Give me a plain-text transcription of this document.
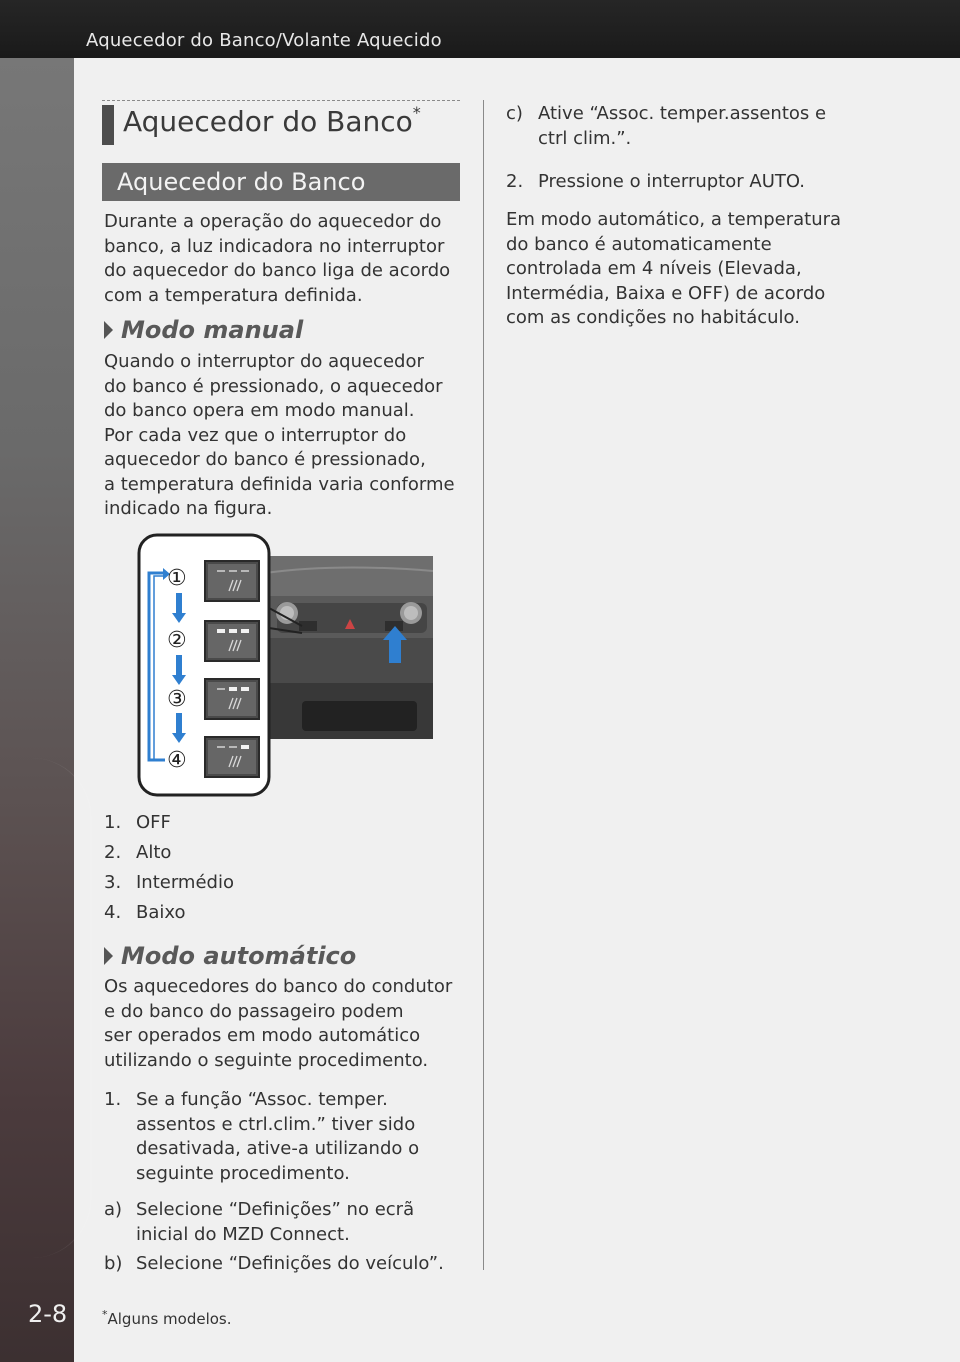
Aquecedor do Banco/Volante Aquecido
2-8
Aquecedor do Banco*
Aquecedor do Banco
Durante a operação do aquecedor do
banco, a luz indicadora no interruptor
do aquecedor do banco liga de acordo
com a temperatura definida.
Modo manual
Quando o interruptor do aquecedor
do banco é pressionado, o aquecedor
do banco opera em modo manual.
Por cada vez que o interruptor do
aquecedor do banco é pressionado,
a temperatura definida varia conforme
indicado na figura.
①
②
③
④
1. OFF
2. Alto
3. Intermédio
4. Baixo
Modo automático
Os aquecedores do banco do condutor
e do banco do passageiro podem
ser operados em modo automático
utilizando o seguinte procedimento.
1. Se a função “Assoc. temper.
assentos e ctrl.clim.” tiver sido
desativada, ative-a utilizando o
seguinte procedimento.
a) Selecione “Definições” no ecrã
inicial do MZD Connect.
b) Selecione “Definições do veículo”.
c) Ative “Assoc. temper.assentos e
ctrl clim.”.
2. Pressione o interruptor AUTO.
Em modo automático, a temperatura
do banco é automaticamente
controlada em 4 níveis (Elevada,
Intermédia, Baixa e OFF) de acordo
com as condições no habitáculo.
*Alguns modelos.
